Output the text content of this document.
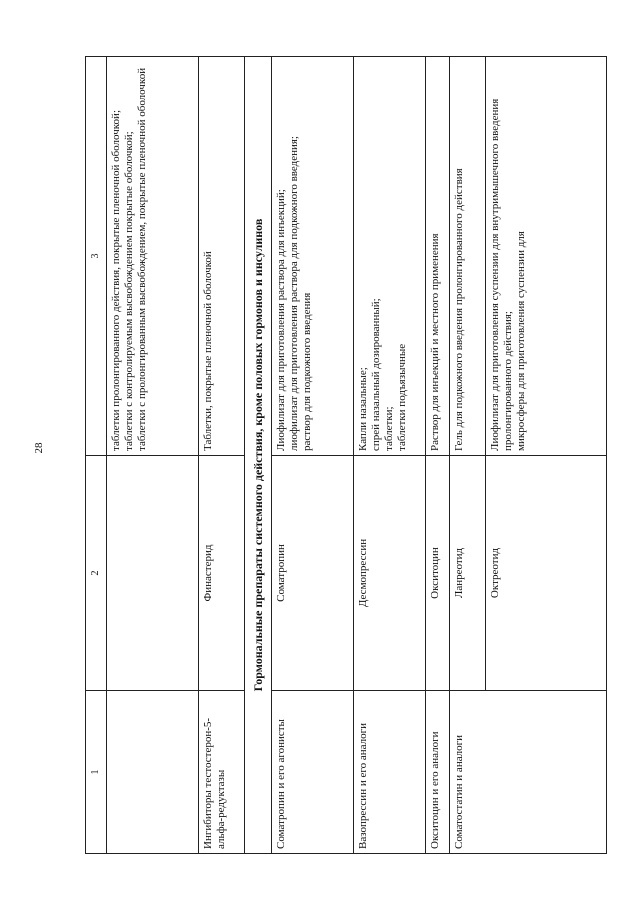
28
1	2	3

		таблетки пролонгированного действия, покрытые пленочной оболочкой; таблетки с контролируемым высвобождением покрытые оболочкой; таблетки с пролонгированным высвобождением, покрытые пленочной оболочкой

Ингибиторы тестостерон-5-альфа-редуктазы	Финастерид	Таблетки, покрытые пленочной оболочкой

Гормональные препараты системного действия, кроме половых гормонов и инсулинов		
Соматропин и его агонисты	Соматропин	Лиофилизат для приготовления раствора для инъекций; лиофилизат для приготовления раствора для подкожного введения; раствор для подкожного введения

Вазопрессин и его аналоги	Десмопрессин	Капли назальные; спрей назальный дозированный; таблетки; таблетки подъязычные

Окситоцин и его аналоги	Окситоцин	Раствор для инъекций и местного применения

Соматостатин и аналоги	Ланреотид	Гель для подкожного введения пролонгированного действия

	Октреотид	Лиофилизат для приготовления суспензии для внутримышечного введения пролонгированного действия; микросферы для приготовления суспензии для
